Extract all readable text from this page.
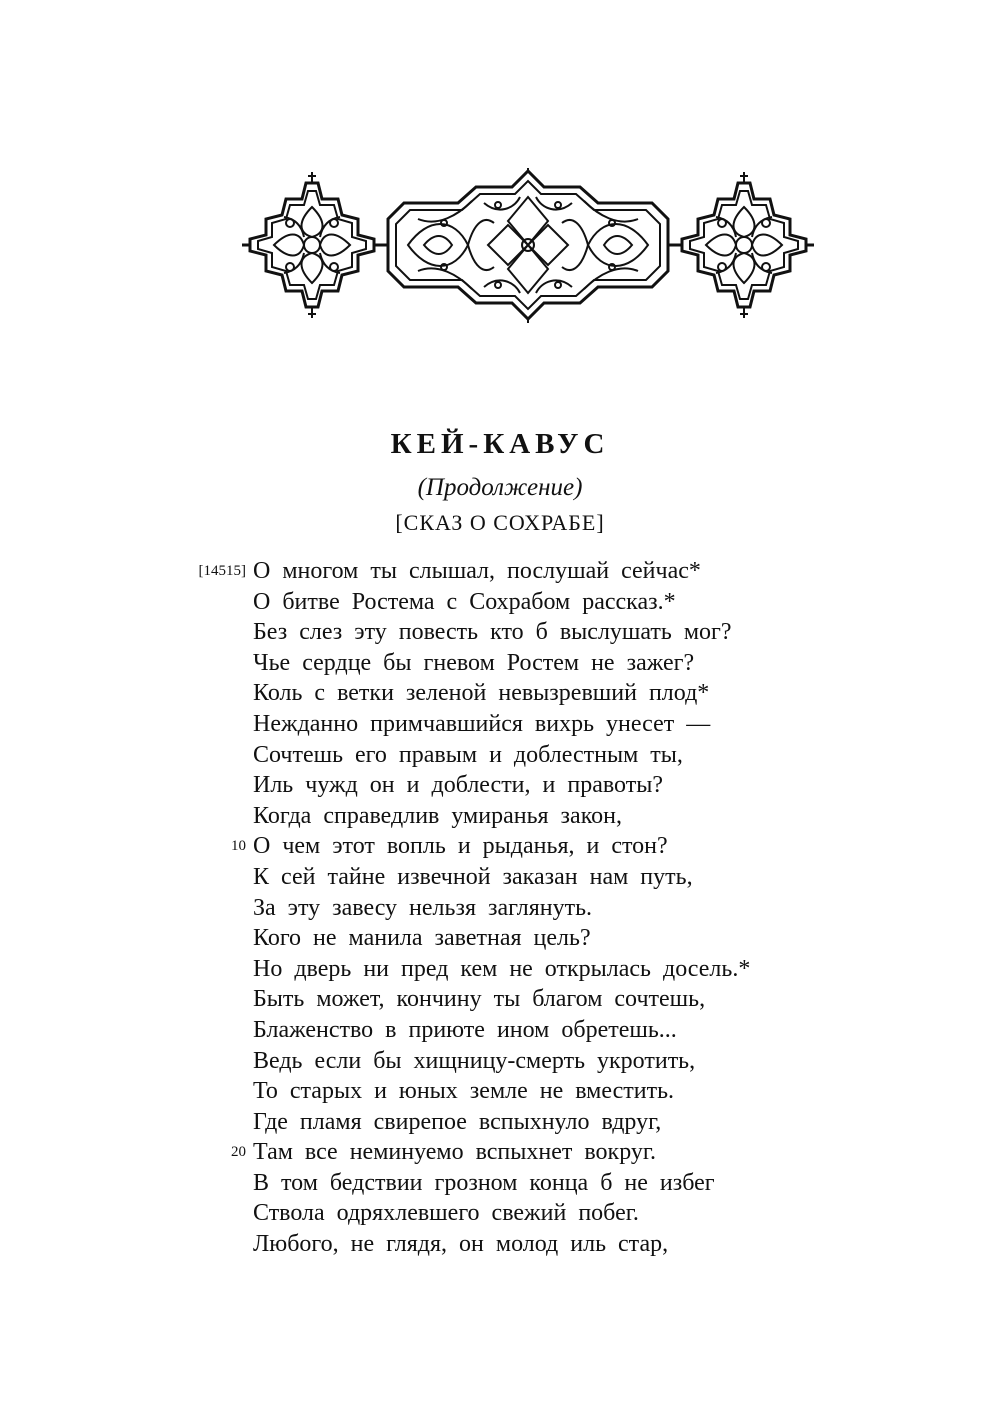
КЕЙ-КАВУС
(Продолжение)
[СКАЗ О СОХРАБЕ]
[14515] О многом ты слышал, послушай сейчас*
О битве Ростема с Сохрабом рассказ.*
Без слез эту повесть кто б выслушать мог?
Чье сердце бы гневом Ростем не зажег?
Коль с ветки зеленой невызревший плод*
Нежданно примчавшийся вихрь унесет —
Сочтешь его правым и доблестным ты,
Иль чужд он и доблести, и правоты?
Когда справедлив умиранья закон,
10 О чем этот вопль и рыданья, и стон?
К сей тайне извечной заказан нам путь,
За эту завесу нельзя заглянуть.
Кого не манила заветная цель?
Но дверь ни пред кем не открылась досель.*
Быть может, кончину ты благом сочтешь,
Блаженство в приюте ином обретешь...
Ведь если бы хищницу-смерть укротить,
То старых и юных земле не вместить.
Где пламя свирепое вспыхнуло вдруг,
20 Там все неминуемо вспыхнет вокруг.
В том бедствии грозном конца б не избег
Ствола одряхлевшего свежий побег.
Любого, не глядя, он молод иль стар,
